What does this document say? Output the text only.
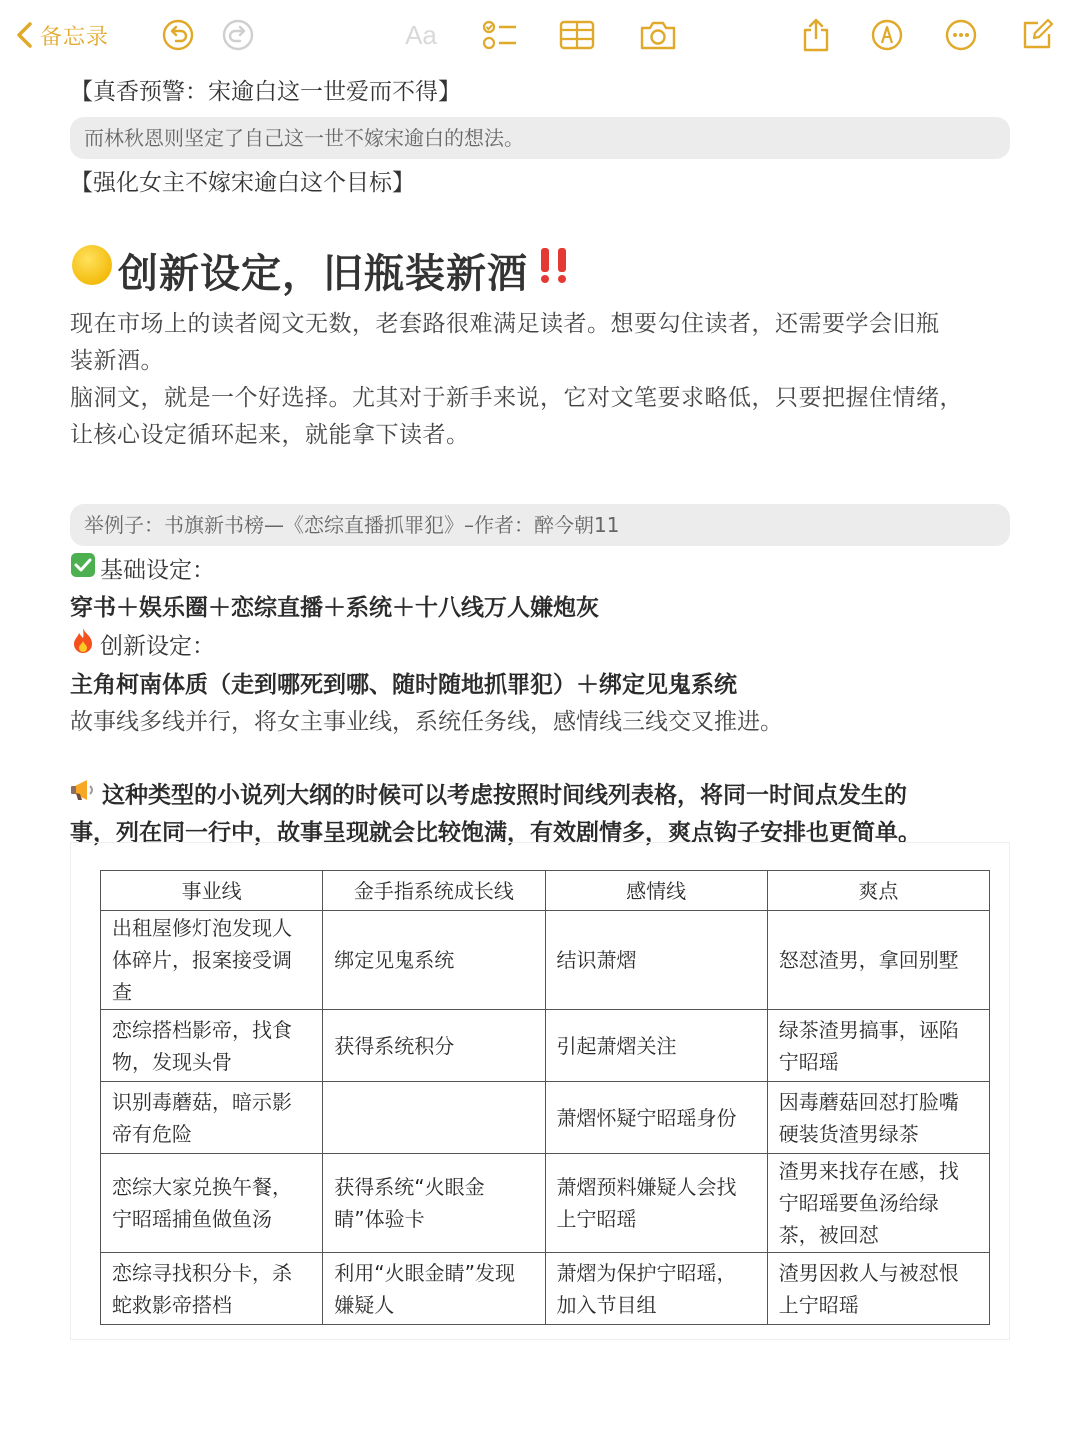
备忘录	Aa
【真香预警：宋逾白这一世爱而不得】
而林秋恩则坚定了自己这一世不嫁宋逾白的想法。
【强化女主不嫁宋逾白这个目标】
创新设定，旧瓶装新酒
现在市场上的读者阅文无数，老套路很难满足读者。想要勾住读者，还需要学会旧瓶
装新酒。
脑洞文，就是一个好选择。尤其对于新手来说，它对文笔要求略低，只要把握住情绪，
让核心设定循环起来，就能拿下读者。
举例子：书旗新书榜—《恋综直播抓罪犯》–作者：醉今朝11
基础设定：
穿书＋娱乐圈＋恋综直播＋系统＋十八线万人嫌炮灰
创新设定：
主角柯南体质（走到哪死到哪、随时随地抓罪犯）＋绑定见鬼系统
故事线多线并行，将女主事业线，系统任务线，感情线三线交叉推进。
这种类型的小说列大纲的时候可以考虑按照时间线列表格，将同一时间点发生的
事，列在同一行中，故事呈现就会比较饱满，有效剧情多，爽点钩子安排也更简单。
事业线	金手指系统成长线	感情线	爽点
出租屋修灯泡发现人体碎片，报案接受调查	绑定见鬼系统	结识萧熠	怒怼渣男，拿回别墅
恋综搭档影帝，找食物，发现头骨	获得系统积分	引起萧熠关注	绿茶渣男搞事，诬陷宁昭瑶
识别毒蘑菇，暗示影帝有危险		萧熠怀疑宁昭瑶身份	因毒蘑菇回怼打脸嘴硬装货渣男绿茶
恋综大家兑换午餐，宁昭瑶捕鱼做鱼汤	获得系统“火眼金睛”体验卡	萧熠预料嫌疑人会找上宁昭瑶	渣男来找存在感，找宁昭瑶要鱼汤给绿茶，被回怼
恋综寻找积分卡，杀蛇救影帝搭档	利用“火眼金睛”发现嫌疑人	萧熠为保护宁昭瑶，加入节目组	渣男因救人与被怼恨上宁昭瑶
